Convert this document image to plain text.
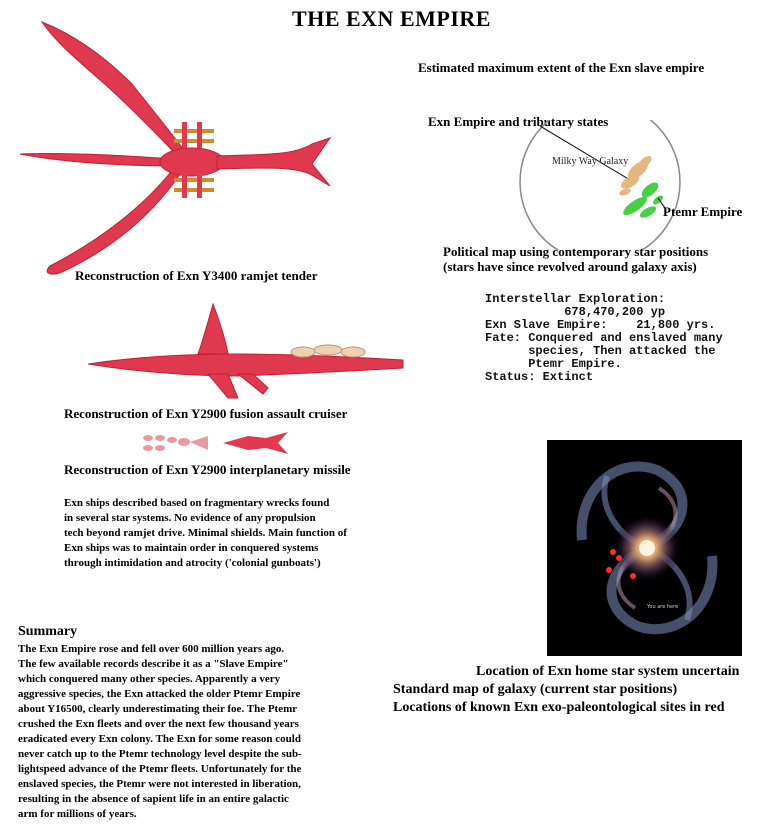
THE EXN EMPIRE
Reconstruction of Exn Y3400 ramjet tender
Reconstruction of Exn Y2900 fusion assault cruiser
Reconstruction of Exn Y2900 interplanetary missile
Exn ships described based on fragmentary wrecks found
in several star systems. No evidence of any propulsion
tech beyond ramjet drive. Minimal shields. Main function of
Exn ships was to maintain order in conquered systems
through intimidation and atrocity ('colonial gunboats')
Estimated maximum extent of the Exn slave empire
Exn Empire and tributary states
Milky Way Galaxy
Ptemr Empire
Political map using contemporary star positions
(stars have since revolved around galaxy axis)

Interstellar Exploration:
678,470,200 yp
Exn Slave Empire:    21,800 yrs.
Fate: Conquered and enslaved many
species, Then attacked the
Ptemr Empire.
Status: Extinct

You are here
Location of Exn home star system uncertain
Standard map of galaxy (current star positions)
Locations of known Exn exo-paleontological sites in red
Summary
The Exn Empire rose and fell over 600 million years ago.
The few available records describe it as a "Slave Empire"
which conquered many other species. Apparently a very
aggressive species, the Exn attacked the older Ptemr Empire
about Y16500, clearly underestimating their foe. The Ptemr
crushed the Exn fleets and over the next few thousand years
eradicated every Exn colony. The Exn for some reason could
never catch up to the Ptemr technology level despite the sub-
lightspeed advance of the Ptemr fleets. Unfortunately for the
enslaved species, the Ptemr were not interested in liberation,
resulting in the absence of sapient life in an entire galactic
arm for millions of years.
